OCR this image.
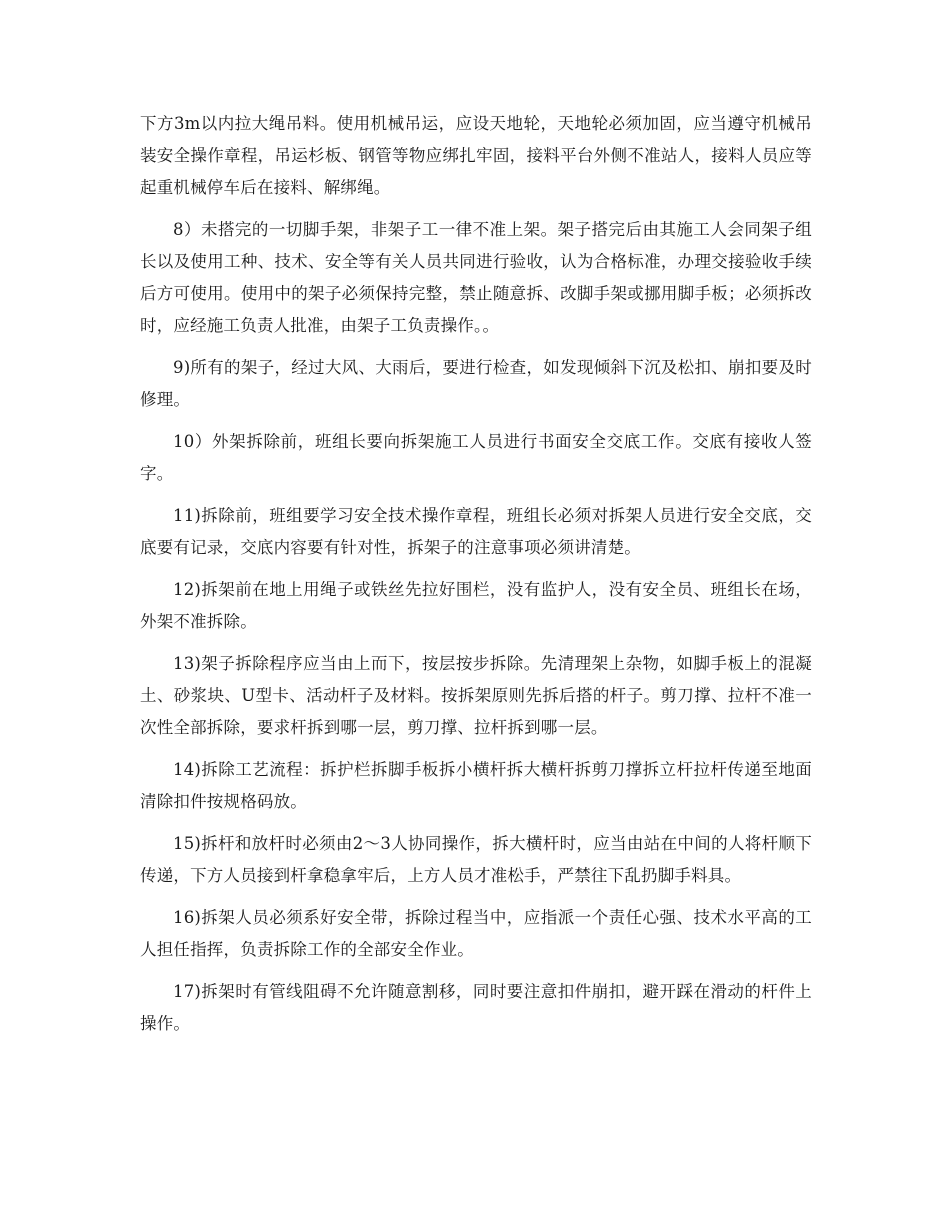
下方3m以内拉大绳吊料。使用机械吊运，应设天地轮，天地轮必须加固，应当遵守机械吊装安全操作章程，吊运杉板、钢管等物应绑扎牢固，接料平台外侧不准站人，接料人员应等起重机械停车后在接料、解绑绳。

8）未搭完的一切脚手架，非架子工一律不准上架。架子搭完后由其施工人会同架子组长以及使用工种、技术、安全等有关人员共同进行验收，认为合格标准，办理交接验收手续后方可使用。使用中的架子必须保持完整，禁止随意拆、改脚手架或挪用脚手板；必须拆改时，应经施工负责人批准，由架子工负责操作。。

9)所有的架子，经过大风、大雨后，要进行检查，如发现倾斜下沉及松扣、崩扣要及时修理。

10）外架拆除前，班组长要向拆架施工人员进行书面安全交底工作。交底有接收人签字。

11)拆除前，班组要学习安全技术操作章程，班组长必须对拆架人员进行安全交底，交底要有记录，交底内容要有针对性，拆架子的注意事项必须讲清楚。

12)拆架前在地上用绳子或铁丝先拉好围栏，没有监护人，没有安全员、班组长在场，外架不准拆除。

13)架子拆除程序应当由上而下，按层按步拆除。先清理架上杂物，如脚手板上的混凝土、砂浆块、U型卡、活动杆子及材料。按拆架原则先拆后搭的杆子。剪刀撑、拉杆不准一次性全部拆除，要求杆拆到哪一层，剪刀撑、拉杆拆到哪一层。

14)拆除工艺流程：拆护栏拆脚手板拆小横杆拆大横杆拆剪刀撑拆立杆拉杆传递至地面清除扣件按规格码放。

15)拆杆和放杆时必须由2～3人协同操作，拆大横杆时，应当由站在中间的人将杆顺下传递，下方人员接到杆拿稳拿牢后，上方人员才准松手，严禁往下乱扔脚手料具。

16)拆架人员必须系好安全带，拆除过程当中，应指派一个责任心强、技术水平高的工人担任指挥，负责拆除工作的全部安全作业。

17)拆架时有管线阻碍不允许随意割移，同时要注意扣件崩扣，避开踩在滑动的杆件上操作。
